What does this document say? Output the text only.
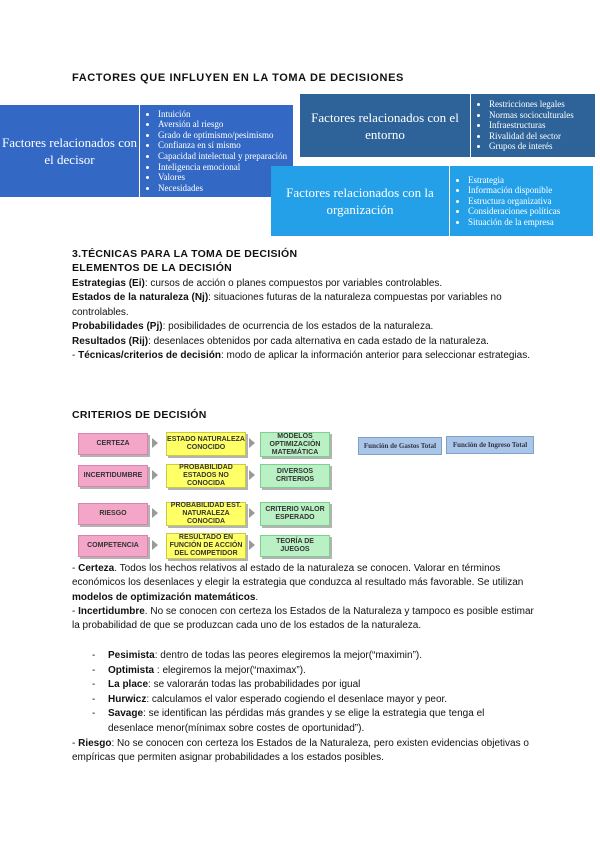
FACTORES QUE INFLUYEN EN LA TOMA DE DECISIONES
Factores relacionados con el decisor
• Intuición
• Aversión al riesgo
• Grado de optimismo/pesimismo
• Confianza en sí mismo
• Capacidad intelectual y preparación
• Inteligencia emocional
• Valores
• Necesidades
Factores relacionados con el entorno
• Restricciones legales
• Normas socioculturales
• Infraestructuras
• Rivalidad del sector
• Grupos de interés
Factores relacionados con la organización
• Estrategia
• Información disponible
• Estructura organizativa
• Consideraciones políticas
• Situación de la empresa
3.TÉCNICAS PARA LA TOMA DE DECISIÓN
ELEMENTOS DE LA DECISIÓN
Estrategias (Ei): cursos de acción o planes compuestos por variables controlables.
Estados de la naturaleza (Nj): situaciones futuras de la naturaleza compuestas por variables no controlables.
Probabilidades (Pj): posibilidades de ocurrencia de los estados de la naturaleza.
Resultados (Rij): desenlaces obtenidos por cada alternativa en cada estado de la naturaleza.
- Técnicas/criterios de decisión: modo de aplicar la información anterior para seleccionar estrategias.
CRITERIOS DE DECISIÓN
CERTEZA
ESTADO NATURALEZA CONOCIDO
MODELOS OPTIMIZACIÓN MATEMÁTICA
INCERTIDUMBRE
PROBABILIDAD ESTADOS NO CONOCIDA
DIVERSOS CRITERIOS
RIESGO
PROBABILIDAD EST. NATURALEZA CONOCIDA
CRITERIO VALOR ESPERADO
COMPETENCIA
RESULTADO EN FUNCIÓN DE ACCIÓN DEL COMPETIDOR
TEORÍA DE JUEGOS
Función de Gastos Total	Función de Ingreso Total
- Certeza. Todos los hechos relativos al estado de la naturaleza se conocen. Valorar en términos económicos los desenlaces y elegir la estrategia que conduzca al resultado más favorable. Se utilizan modelos de optimización matemáticos.
- Incertidumbre. No se conocen con certeza los Estados de la Naturaleza y tampoco es posible estimar la probabilidad de que se produzcan cada uno de los estados de la naturaleza.
- Pesimista: dentro de todas las peores elegiremos la mejor(“maximin”).
- Optimista : elegiremos la mejor(“maximax”).
- La place: se valorarán todas las probabilidades por igual
- Hurwicz: calculamos el valor esperado cogiendo el desenlace mayor y peor.
- Savage: se identifican las pérdidas más grandes y se elige la estrategia que tenga el desenlace menor(mínimax sobre costes de oportunidad”).
- Riesgo: No se conocen con certeza los Estados de la Naturaleza, pero existen evidencias objetivas o empíricas que permiten asignar probabilidades a los estados posibles.
